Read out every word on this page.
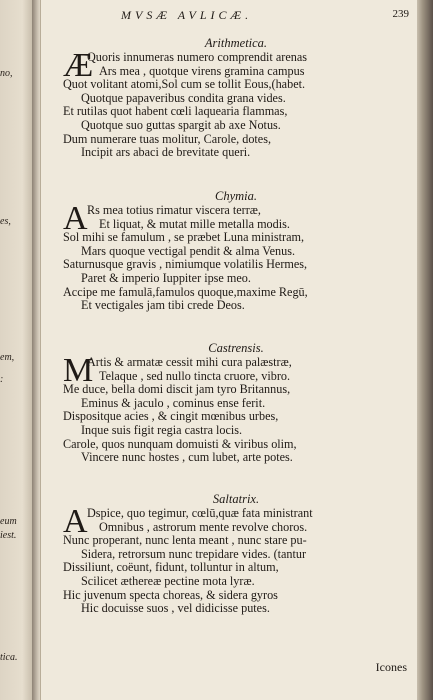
no,
es,
em,
:
eum
iest.
tica.
MVSÆ AVLICÆ.	239

Arithmetica.

Æ

Quoris innumeras numero comprendit arenas

Ars mea , quotque virens gramina campus

Quot volitant atomi,Sol cum se tollit Eous,(habet.

Quotque papaveribus condita grana vides.

Et rutilas quot habent cœli laquearia flammas,

Quotque suo guttas spargit ab axe Notus.

Dum numerare tuas molitur, Carole, dotes,

Incipit ars abaci de brevitate queri.

Chymia.

A Rs mea totius rimatur viscera terræ,

Et liquat, & mutat mille metalla modis.

Sol mihi se famulum , se præbet Luna ministram,

Mars quoque vectigal pendit & alma Venus.

Saturnusque gravis , nimiumque volatilis Hermes,

Paret & imperio Iuppiter ipse meo.

Accipe me famulā,famulos quoque,maxime Regū,

Et vectigales jam tibi crede Deos.

Castrensis.

M

Artis & armatæ cessit mihi cura palæstræ,

Telaque , sed nullo tincta cruore, vibro.

Me duce, bella domi discit jam tyro Britannus,

Eminus & jaculo , cominus ense ferit.

Dispositque acies , & cingit mœnibus urbes,

Inque suis figit regia castra locis.

Carole, quos nunquam domuisti & viribus olim,

Vincere nunc hostes , cum lubet, arte potes.

Saltatrix.

A Dspice, quo tegimur, cœlū,quæ fata ministrant

Omnibus , astrorum mente revolve choros.

Nunc properant, nunc lenta meant , nunc stare pu-

Sidera, retrorsum nunc trepidare vides. (tantur

Dissiliunt, coëunt, fidunt, tolluntur in altum,

Scilicet æthereæ pectine mota lyræ.

Hic juvenum specta choreas, & sidera gyros

Hic docuisse suos , vel didicisse putes.

Icones
